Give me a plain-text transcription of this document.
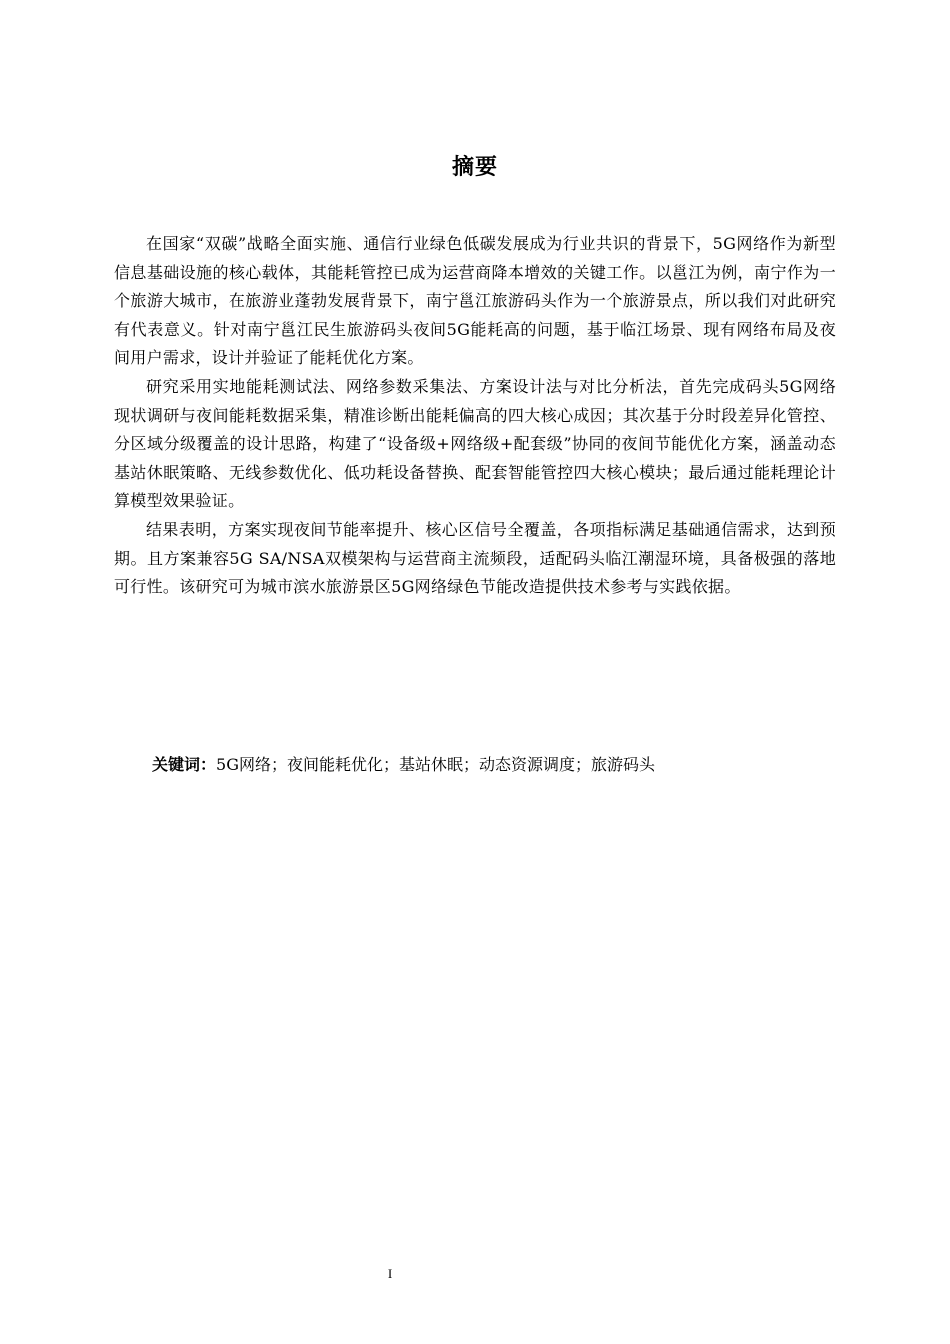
摘要

在国家“双碳”战略全面实施、通信行业绿色低碳发展成为行业共识的背景下，5G网络作为新型信息基础设施的核心载体，其能耗管控已成为运营商降本增效的关键工作。以邕江为例，南宁作为一个旅游大城市，在旅游业蓬勃发展背景下，南宁邕江旅游码头作为一个旅游景点，所以我们对此研究有代表意义。针对南宁邕江民生旅游码头夜间5G能耗高的问题，基于临江场景、现有网络布局及夜间用户需求，设计并验证了能耗优化方案。

研究采用实地能耗测试法、网络参数采集法、方案设计法与对比分析法，首先完成码头5G网络现状调研与夜间能耗数据采集，精准诊断出能耗偏高的四大核心成因；其次基于分时段差异化管控、分区域分级覆盖的设计思路，构建了“设备级+网络级+配套级”协同的夜间节能优化方案，涵盖动态基站休眠策略、无线参数优化、低功耗设备替换、配套智能管控四大核心模块；最后通过能耗理论计算模型效果验证。

结果表明，方案实现夜间节能率提升、核心区信号全覆盖，各项指标满足基础通信需求，达到预期。且方案兼容5G SA/NSA双模架构与运营商主流频段，适配码头临江潮湿环境，具备极强的落地可行性。该研究可为城市滨水旅游景区5G网络绿色节能改造提供技术参考与实践依据。

关键词：5G网络；夜间能耗优化；基站休眠；动态资源调度；旅游码头
I
